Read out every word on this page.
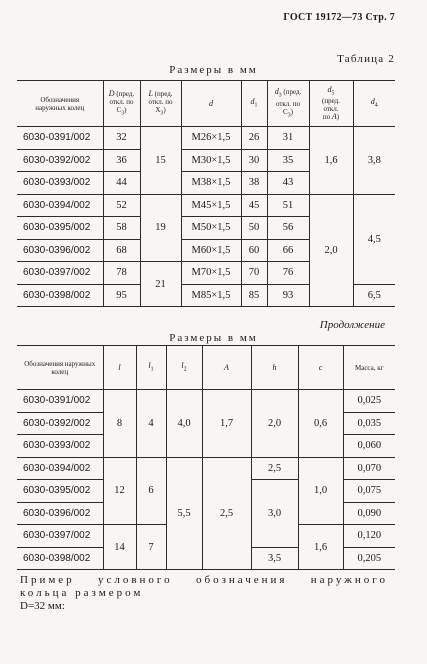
ГОСТ 19172—73 Стр. 7
Таблица 2
Размеры в мм
Обозначения
наружных колец	D (пред.
откл. по
$C_3$)	L (пред.
откл. по
$X_3$)	d	$d_1$	$d_3$ (пред.
откл. по
$C_3$)	$d_5$
(пред.
откл.
по A)	$d_4$
6030-0391/002	32	15	M26×1,5	26	31	1,6	3,8
6030-0392/002	36		M30×1,5	30	35		
6030-0393/002	44		M38×1,5	38	43		
6030-0394/002	52	19	M45×1,5	45	51	2,0	4,5
6030-0395/002	58		M50×1,5	50	56		
6030-0396/002	68		M60×1,5	60	66		
6030-0397/002	78	21	M70×1,5	70	76		
6030-0398/002	95		M85×1,5	85	93		6,5
Продолжение
Размеры в мм
Обозначения наружных колец	l	$l_1$	$l_2$	A	h	c	Масса, кг
6030-0391/002	8	4	4,0	1,7	2,0	0,6	0,025
6030-0392/002							0,035
6030-0393/002							0,060
6030-0394/002	12	6	5,5	2,5	2,5	1,0	0,070
6030-0395/002					3,0		0,075
6030-0396/002							0,090
6030-0397/002	14	7				1,6	0,120
6030-0398/002					3,5		0,205
Пример условного обозначения наружного кольца размером
D=32 мм:
